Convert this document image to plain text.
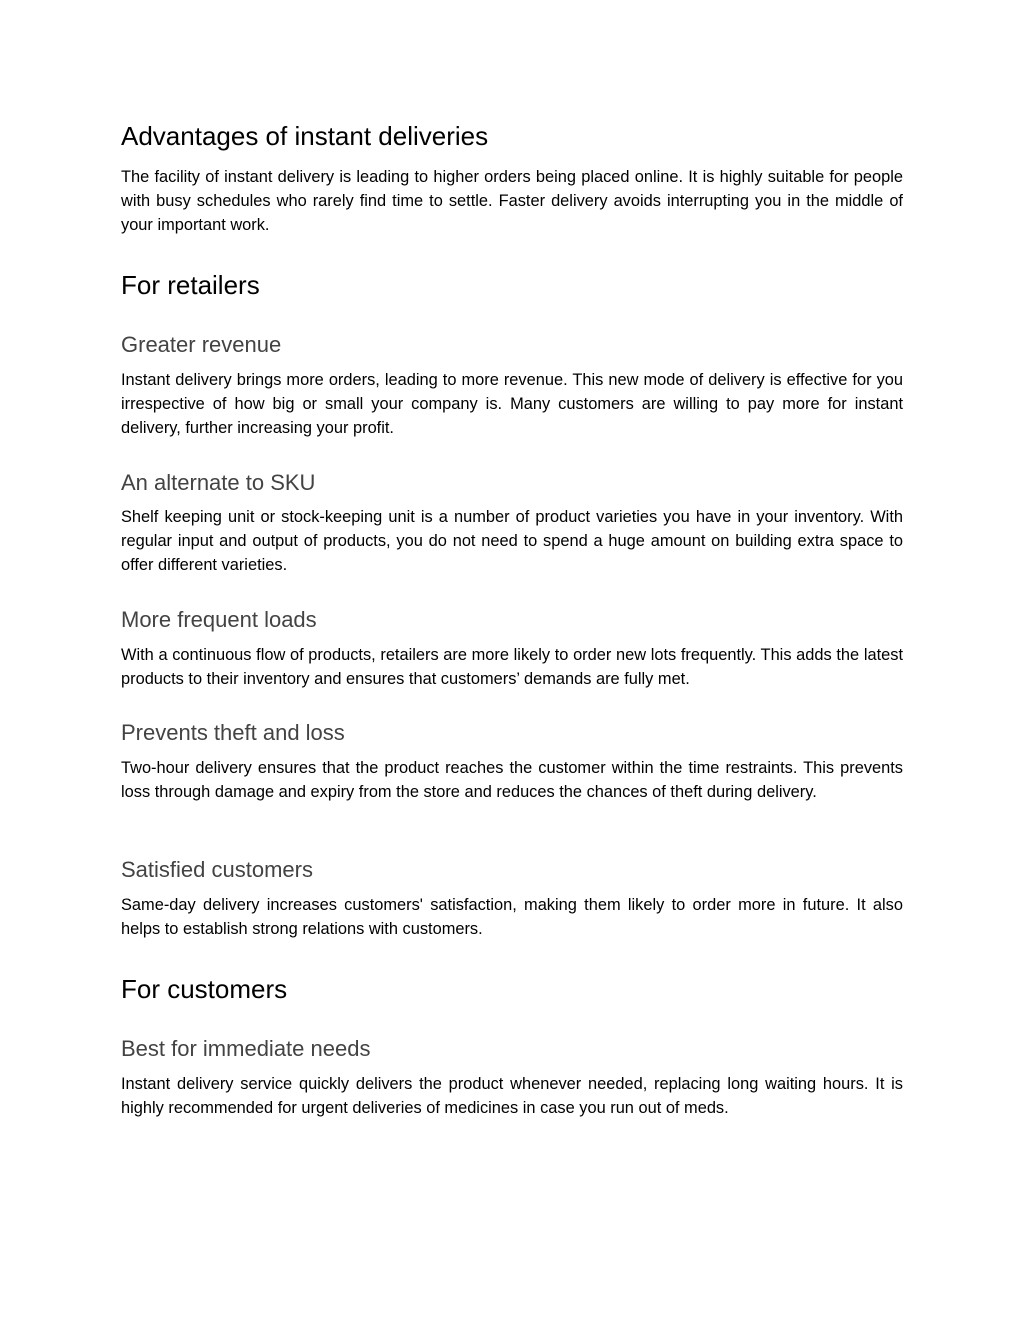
Advantages of instant deliveries

The facility of instant delivery is leading to higher orders being placed online. It is highly suitable for people with busy schedules who rarely find time to settle. Faster delivery avoids interrupting you in the middle of your important work.

For retailers
Greater revenue

Instant delivery brings more orders, leading to more revenue. This new mode of delivery is effective for you irrespective of how big or small your company is. Many customers are willing to pay more for instant delivery, further increasing your profit.

An alternate to SKU

Shelf keeping unit or stock-keeping unit is a number of product varieties you have in your inventory. With regular input and output of products, you do not need to spend a huge amount on building extra space to offer different varieties.

More frequent loads

With a continuous flow of products, retailers are more likely to order new lots frequently. This adds the latest products to their inventory and ensures that customers’ demands are fully met.

Prevents theft and loss

Two-hour delivery ensures that the product reaches the customer within the time restraints. This prevents loss through damage and expiry from the store and reduces the chances of theft during delivery.

Satisfied customers

Same-day delivery increases customers' satisfaction, making them likely to order more in future. It also helps to establish strong relations with customers.

For customers
Best for immediate needs

Instant delivery service quickly delivers the product whenever needed, replacing long waiting hours. It is highly recommended for urgent deliveries of medicines in case you run out of meds.
